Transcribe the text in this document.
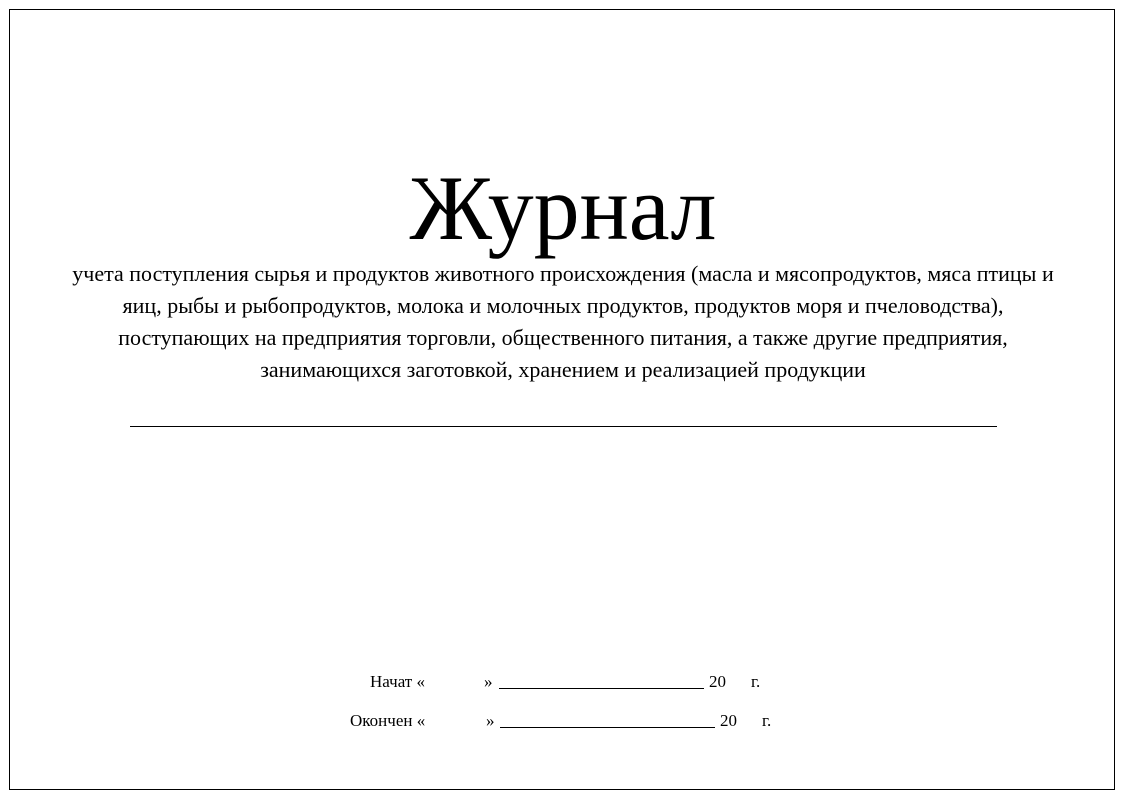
Журнал

учета поступления сырья и продуктов животного происхождения (масла и мясопродуктов, мяса птицы и яиц, рыбы и рыбопродуктов, молока и молочных продуктов, продуктов моря и пчеловодства), поступающих на предприятия торговли, общественного питания, а также другие предприятия, занимающихся заготовкой, хранением и реализацией продукции

Начат «	»	20 г.
Окончен «	»	20 г.
